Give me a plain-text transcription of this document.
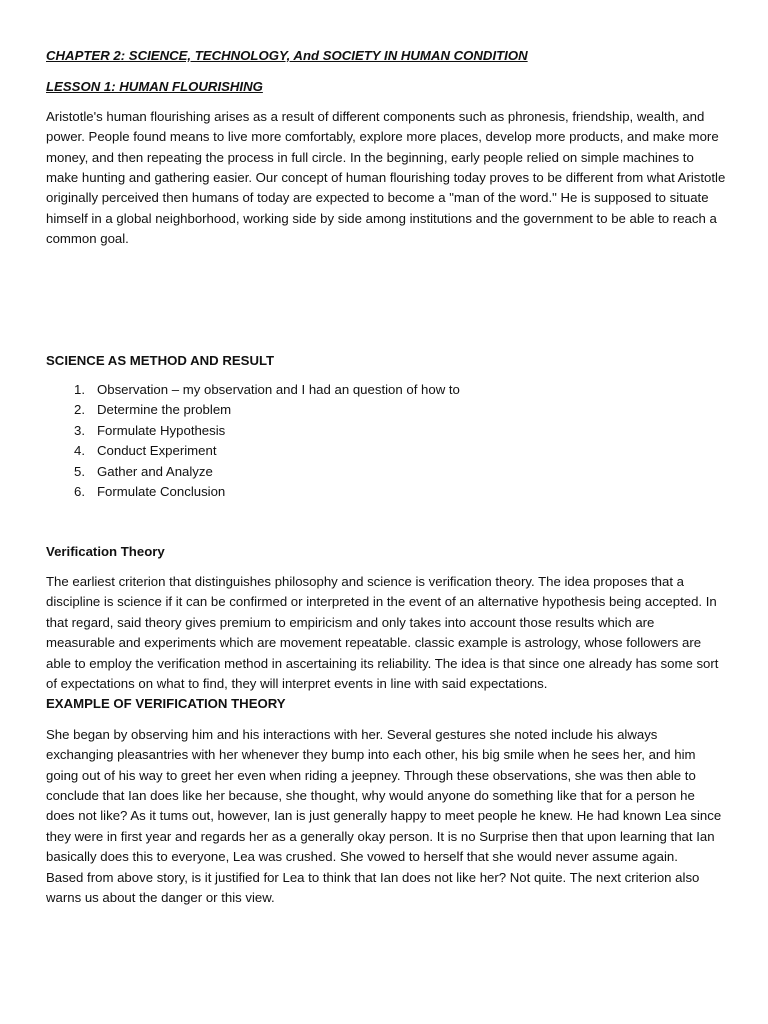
CHAPTER 2: SCIENCE, TECHNOLOGY, And SOCIETY IN HUMAN CONDITION

LESSON 1: HUMAN FLOURISHING

Aristotle's human flourishing arises as a result of different components such as phronesis, friendship, wealth, and power. People found means to live more comfortably, explore more places, develop more products, and make more money, and then repeating the process in full circle. In the beginning, early people relied on simple machines to make hunting and gathering easier. Our concept of human flourishing today proves to be different from what Aristotle originally perceived then humans of today are expected to become a "man of the word." He is supposed to situate himself in a global neighborhood, working side by side among institutions and the government to be able to reach a common goal.

SCIENCE AS METHOD AND RESULT

1. Observation – my observation and I had an question of how to
2. Determine the problem
3. Formulate Hypothesis
4. Conduct Experiment
5. Gather and Analyze
6. Formulate Conclusion

Verification Theory

The earliest criterion that distinguishes philosophy and science is verification theory. The idea proposes that a discipline is science if it can be confirmed or interpreted in the event of an alternative hypothesis being accepted. In that regard, said theory gives premium to empiricism and only takes into account those results which are measurable and experiments which are movement repeatable. classic example is astrology, whose followers are able to employ the verification method in ascertaining its reliability. The idea is that since one already has some sort of expectations on what to find, they will interpret events in line with said expectations.

EXAMPLE OF VERIFICATION THEORY

She began by observing him and his interactions with her. Several gestures she noted include his always exchanging pleasantries with her whenever they bump into each other, his big smile when he sees her, and him going out of his way to greet her even when riding a jeepney. Through these observations, she was then able to conclude that Ian does like her because, she thought, why would anyone do something like that for a person he does not like? As it tums out, however, Ian is just generally happy to meet people he knew. He had known Lea since they were in first year and regards her as a generally okay person. It is no Surprise then that upon learning that Ian basically does this to everyone, Lea was crushed. She vowed to herself that she would never assume again.

Based from above story, is it justified for Lea to think that Ian does not like her? Not quite. The next criterion also warns us about the danger or this view.
